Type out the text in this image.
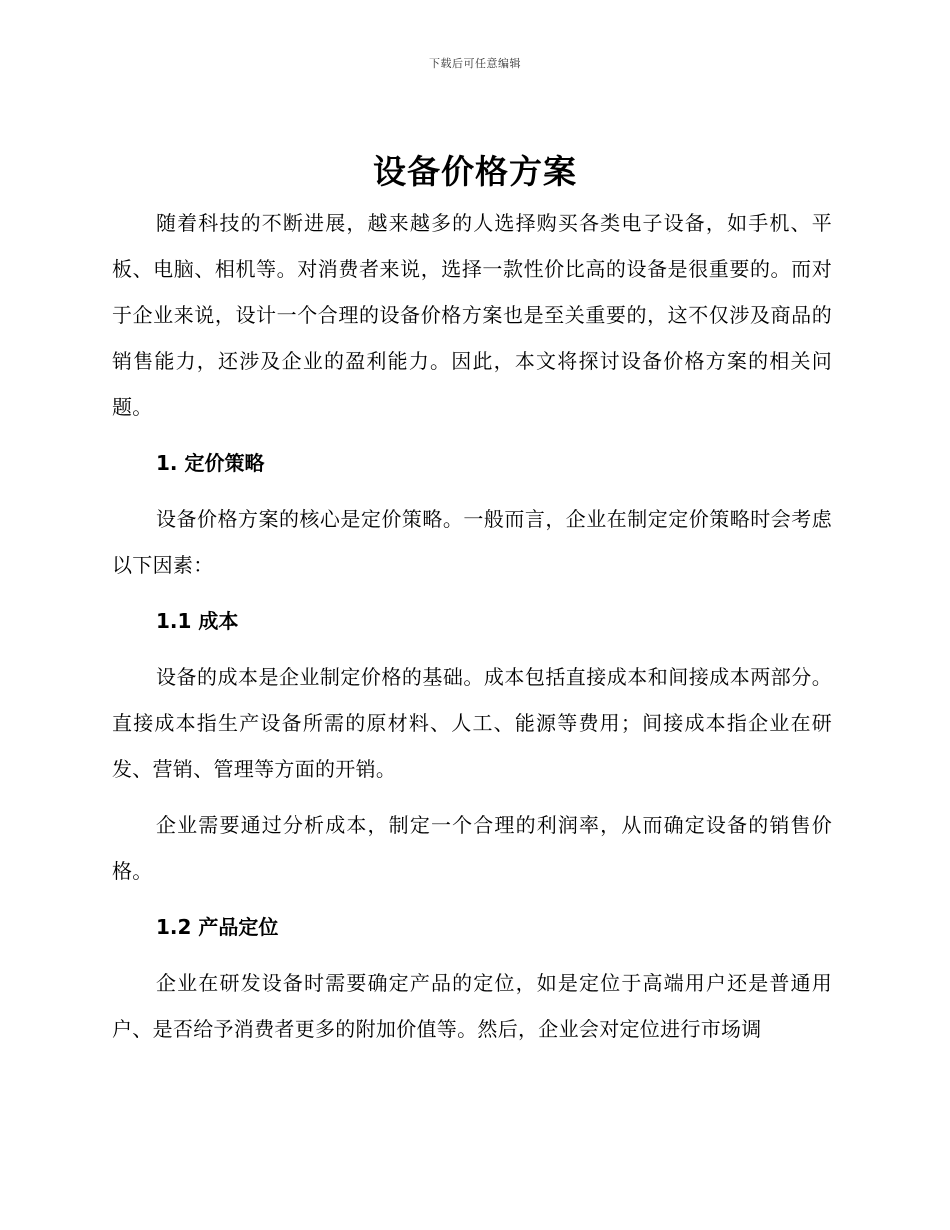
下载后可任意编辑
设备价格方案

随着科技的不断进展，越来越多的人选择购买各类电子设备，如手机、平板、电脑、相机等。对消费者来说，选择一款性价比高的设备是很重要的。而对于企业来说，设计一个合理的设备价格方案也是至关重要的，这不仅涉及商品的销售能力，还涉及企业的盈利能力。因此，本文将探讨设备价格方案的相关问题。

1. 定价策略

设备价格方案的核心是定价策略。一般而言，企业在制定定价策略时会考虑以下因素：

1.1 成本

设备的成本是企业制定价格的基础。成本包括直接成本和间接成本两部分。直接成本指生产设备所需的原材料、人工、能源等费用；间接成本指企业在研发、营销、管理等方面的开销。

企业需要通过分析成本，制定一个合理的利润率，从而确定设备的销售价格。

1.2 产品定位

企业在研发设备时需要确定产品的定位，如是定位于高端用户还是普通用户、是否给予消费者更多的附加价值等。然后，企业会对定位进行市场调
